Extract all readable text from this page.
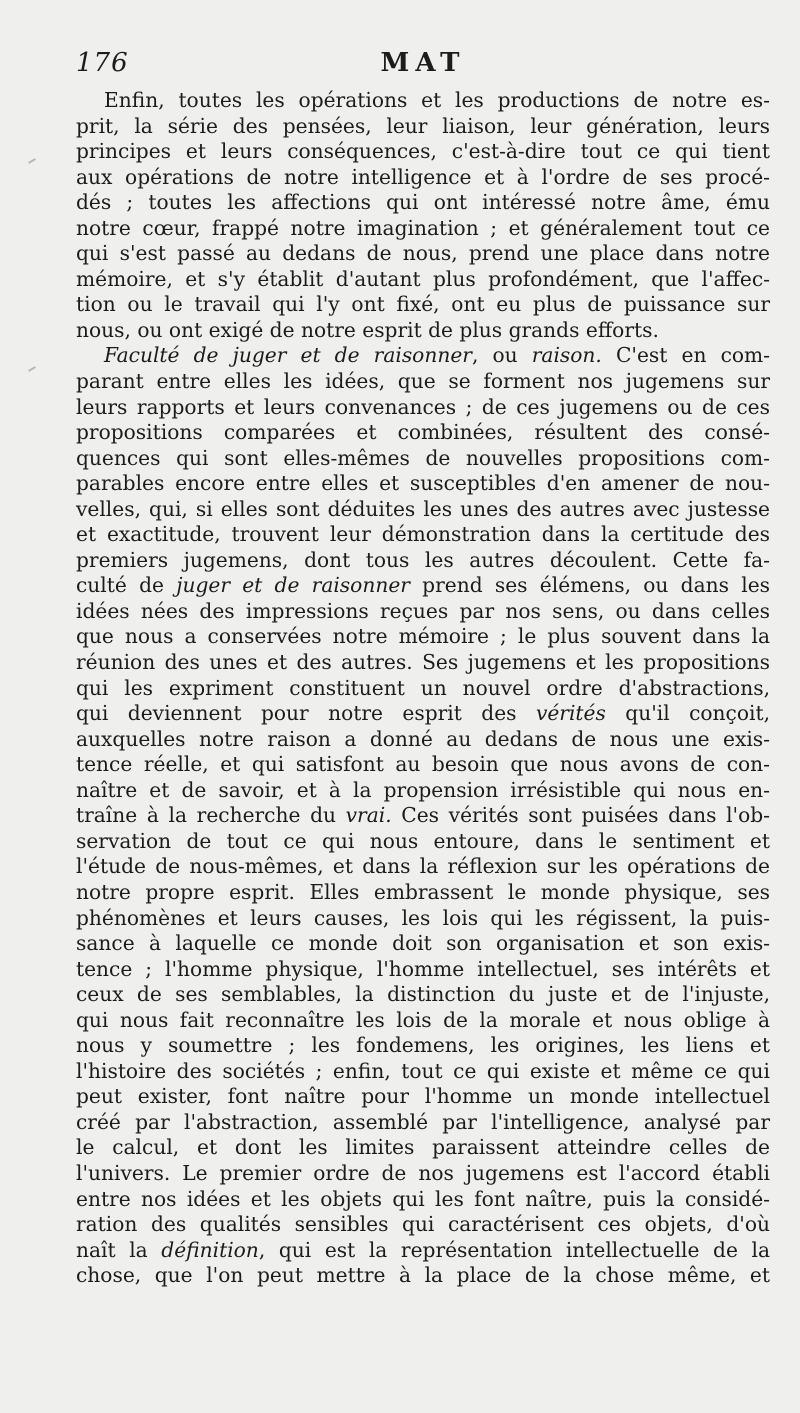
176	MAT
Enfin, toutes les opérations et les productions de notre es-
prit, la série des pensées, leur liaison, leur génération, leurs
principes et leurs conséquences, c'est-à-dire tout ce qui tient
aux opérations de notre intelligence et à l'ordre de ses procé-
dés ; toutes les affections qui ont intéressé notre âme, ému
notre cœur, frappé notre imagination ; et généralement tout ce
qui s'est passé au dedans de nous, prend une place dans notre
mémoire, et s'y établit d'autant plus profondément, que l'affec-
tion ou le travail qui l'y ont fixé, ont eu plus de puissance sur
nous, ou ont exigé de notre esprit de plus grands efforts.
Faculté de juger et de raisonner, ou raison. C'est en com-
parant entre elles les idées, que se forment nos jugemens sur
leurs rapports et leurs convenances ; de ces jugemens ou de ces
propositions comparées et combinées, résultent des consé-
quences qui sont elles-mêmes de nouvelles propositions com-
parables encore entre elles et susceptibles d'en amener de nou-
velles, qui, si elles sont déduites les unes des autres avec justesse
et exactitude, trouvent leur démonstration dans la certitude des
premiers jugemens, dont tous les autres découlent. Cette fa-
culté de juger et de raisonner prend ses élémens, ou dans les
idées nées des impressions reçues par nos sens, ou dans celles
que nous a conservées notre mémoire ; le plus souvent dans la
réunion des unes et des autres. Ses jugemens et les propositions
qui les expriment constituent un nouvel ordre d'abstractions,
qui deviennent pour notre esprit des vérités qu'il conçoit,
auxquelles notre raison a donné au dedans de nous une exis-
tence réelle, et qui satisfont au besoin que nous avons de con-
naître et de savoir, et à la propension irrésistible qui nous en-
traîne à la recherche du vrai. Ces vérités sont puisées dans l'ob-
servation de tout ce qui nous entoure, dans le sentiment et
l'étude de nous-mêmes, et dans la réflexion sur les opérations de
notre propre esprit. Elles embrassent le monde physique, ses
phénomènes et leurs causes, les lois qui les régissent, la puis-
sance à laquelle ce monde doit son organisation et son exis-
tence ; l'homme physique, l'homme intellectuel, ses intérêts et
ceux de ses semblables, la distinction du juste et de l'injuste,
qui nous fait reconnaître les lois de la morale et nous oblige à
nous y soumettre ; les fondemens, les origines, les liens et
l'histoire des sociétés ; enfin, tout ce qui existe et même ce qui
peut exister, font naître pour l'homme un monde intellectuel
créé par l'abstraction, assemblé par l'intelligence, analysé par
le calcul, et dont les limites paraissent atteindre celles de
l'univers. Le premier ordre de nos jugemens est l'accord établi
entre nos idées et les objets qui les font naître, puis la considé-
ration des qualités sensibles qui caractérisent ces objets, d'où
naît la définition, qui est la représentation intellectuelle de la
chose, que l'on peut mettre à la place de la chose même, et
